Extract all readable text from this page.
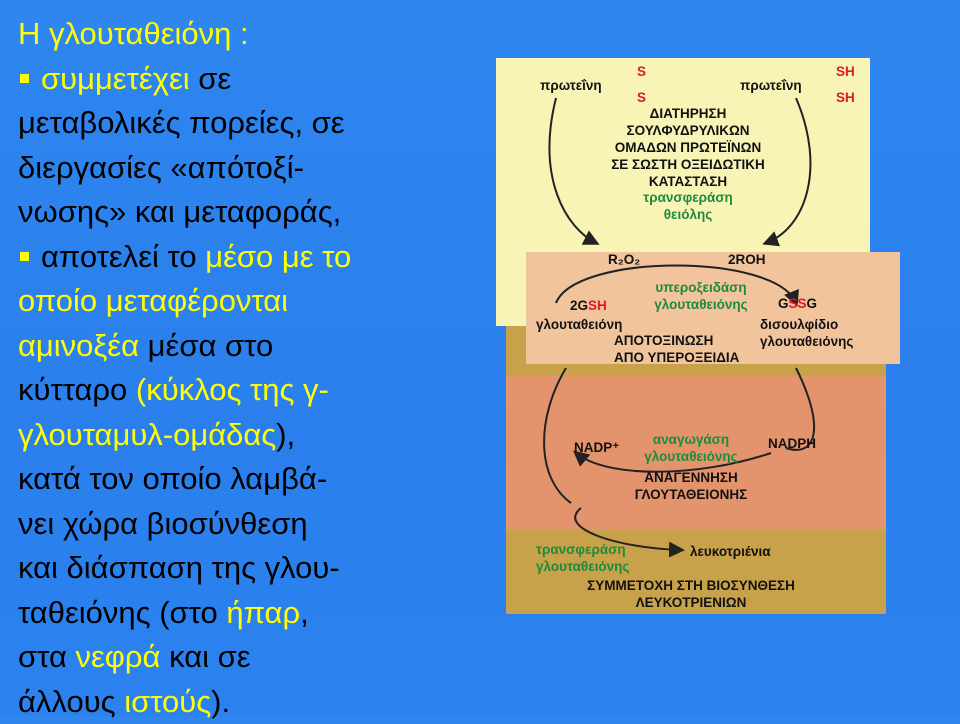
Η γλουταθειόνη :
συμμετέχει σε
μεταβολικές πορείες, σε
διεργασίες «απότοξί-
νωσης» και μεταφοράς,
αποτελεί το μέσο με το
οποίο μεταφέρονται
αμινοξέα μέσα στο
κύτταρο (κύκλος της γ-
γλουταμυλ-ομάδας),
κατά τον οποίο λαμβά-
νει χώρα βιοσύνθεση
και διάσπαση της γλου-
ταθειόνης (στο ήπαρ,
στα νεφρά και σε
άλλους ιστούς).
πρωτεΐνη
S
S
πρωτεΐνη
SH
SH
ΔΙΑΤΗΡΗΣΗ
ΣΟΥΛΦΥΔΡΥΛΙΚΩΝ
ΟΜΑΔΩΝ ΠΡΩΤΕΪΝΩΝ
ΣΕ ΣΩΣΤΗ ΟΞΕΙΔΩΤΙΚΗ
ΚΑΤΑΣΤΑΣΗ
τρανσφεράση
θειόλης
R₂O₂	2ROH
υπεροξειδάση
γλουταθειόνης
2GSH	GSSG
γλουταθειόνη	δισουλφίδιο
γλουταθειόνης
ΑΠΟΤΟΞΙΝΩΣΗ
ΑΠΟ ΥΠΕΡΟΞΕΙΔΙΑ
NADP⁺	NADPH
αναγωγάση
γλουταθειόνης
ΑΝΑΓΕΝΝΗΣΗ
ΓΛΟΥΤΑΘΕΙΟΝΗΣ
τρανσφεράση
γλουταθειόνης
λευκοτριένια
ΣΥΜΜΕΤΟΧΗ ΣΤΗ ΒΙΟΣΥΝΘΕΣΗ
ΛΕΥΚΟΤΡΙΕΝΙΩΝ
